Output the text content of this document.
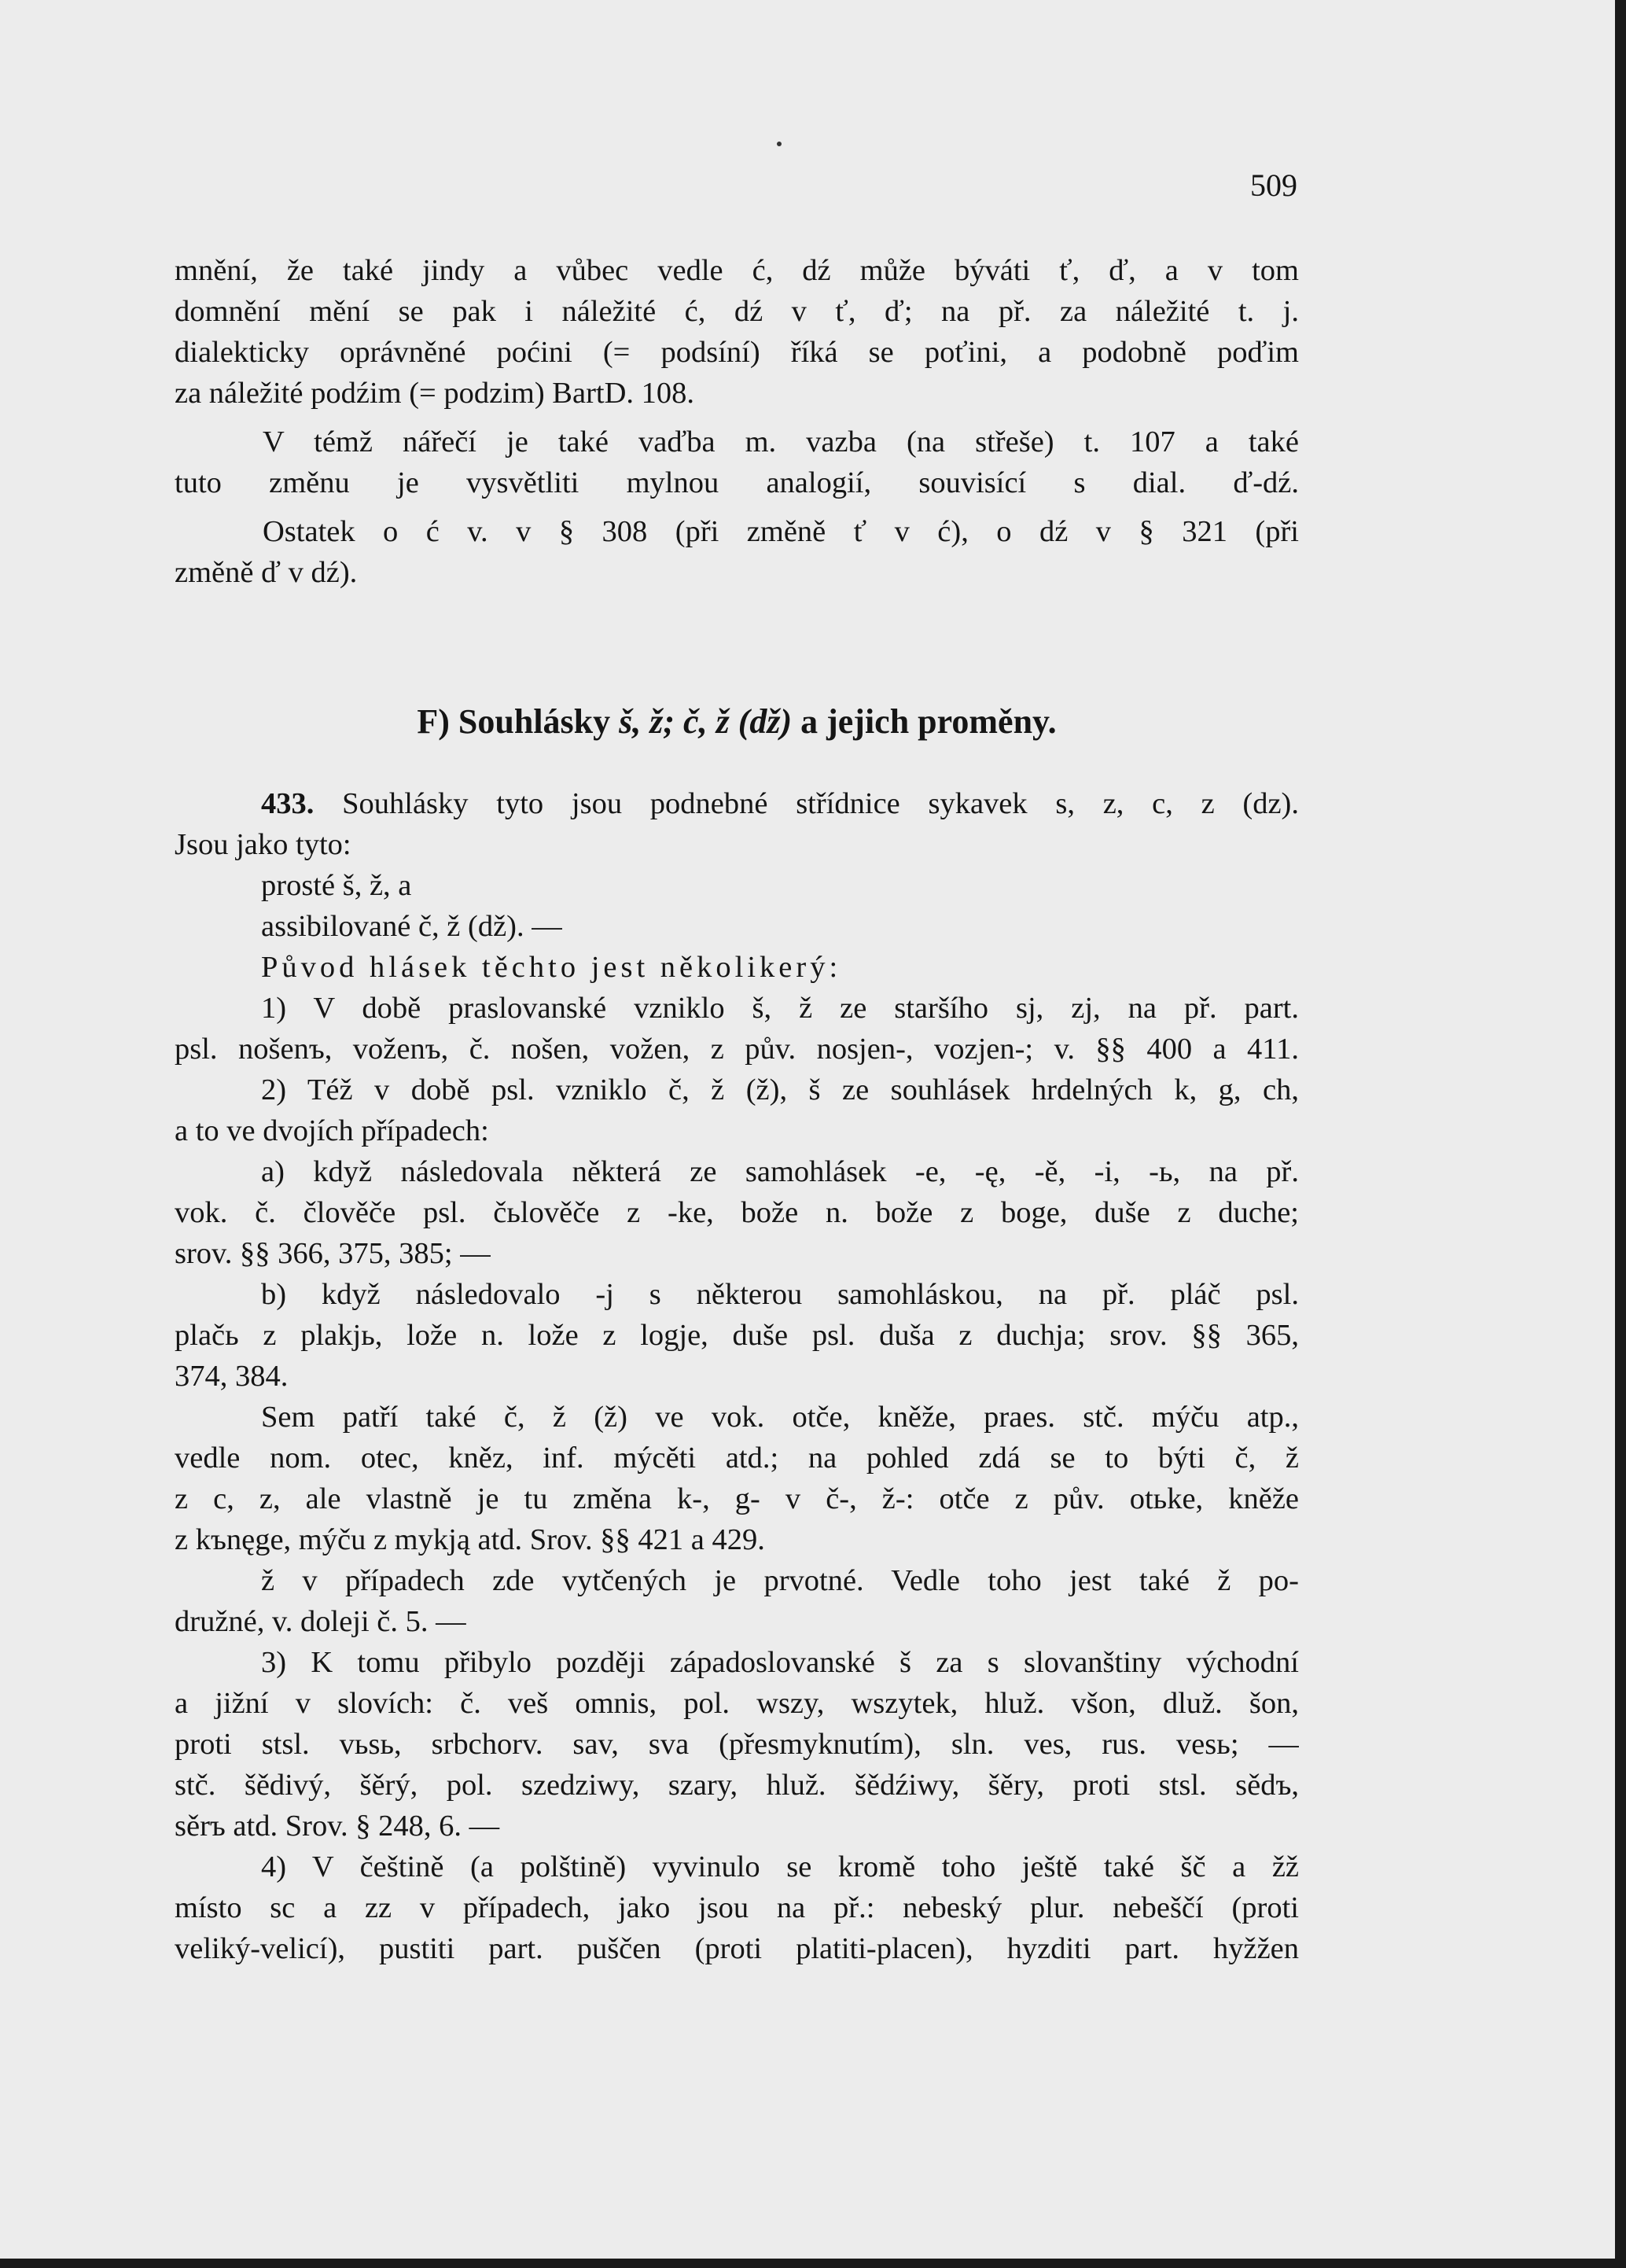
509
mnění, že také jindy a vůbec vedle ć, dź může býváti ť, ď, a v tom
domnění mění se pak i náležité ć, dź v ť, ď; na př. za náležité t. j.
dialekticky oprávněné poćini (= podsíní) říká se poťini, a podobně poďim
za náležité podźim (= podzim) BartD. 108.
V témž nářečí je také vaďba m. vazba (na střeše) t. 107 a také
tuto změnu je vysvětliti mylnou analogií, souvisící s dial. ď-dź.
Ostatek o ć v. v § 308 (při změně ť v ć), o dź v § 321 (při
změně ď v dź).
F) Souhlásky š, ž; č, ž (dž) a jejich proměny.
433. Souhlásky tyto jsou podnebné střídnice sykavek s, z, c, z (dz).
Jsou jako tyto:
prosté š, ž, a
assibilované č, ž (dž). —
Původ hlásek těchto jest několikerý:
1) V době praslovanské vzniklo š, ž ze staršího sj, zj, na př. part.
psl. nošenъ, voženъ, č. nošen, vožen, z pův. nosjen-, vozjen-; v. §§ 400 a 411.
2) Též v době psl. vzniklo č, ž (ž), š ze souhlásek hrdelných k, g, ch,
a to ve dvojích případech:
a) když následovala některá ze samohlásek -e, -ę, -ě, -i, -ь, na př.
vok. č. člověče psl. čьlověče z -ke, bože n. bože z boge, duše z duche;
srov. §§ 366, 375, 385; —
b) když následovalo -j s některou samohláskou, na př. pláč psl.
plačь z plakjь, lože n. lože z logje, duše psl. duša z duchja; srov. §§ 365,
374, 384.
Sem patří také č, ž (ž) ve vok. otče, kněže, praes. stč. mýču atp.,
vedle nom. otec, kněz, inf. mýcěti atd.; na pohled zdá se to býti č, ž
z c, z, ale vlastně je tu změna k-, g- v č-, ž-: otče z pův. otьke, kněže
z kъnęge, mýču z mykją atd. Srov. §§ 421 a 429.
ž v případech zde vytčených je prvotné. Vedle toho jest také ž po-
družné, v. doleji č. 5. —
3) K tomu přibylo později západoslovanské š za s slovanštiny východní
a jižní v slovích: č. veš omnis, pol. wszy, wszytek, hluž. všon, dluž. šon,
proti stsl. vьsь, srbchorv. sav, sva (přesmyknutím), sln. ves, rus. vesь; —
stč. šědivý, šěrý, pol. szedziwy, szary, hluž. šědźiwy, šěry, proti stsl. sědъ,
sěrъ atd. Srov. § 248, 6. —
4) V češtině (a polštině) vyvinulo se kromě toho ještě také šč a žž
místo sc a zz v případech, jako jsou na př.: nebeský plur. nebeščí (proti
veliký-velicí), pustiti part. puščen (proti platiti-placen), hyzditi part. hyžžen
